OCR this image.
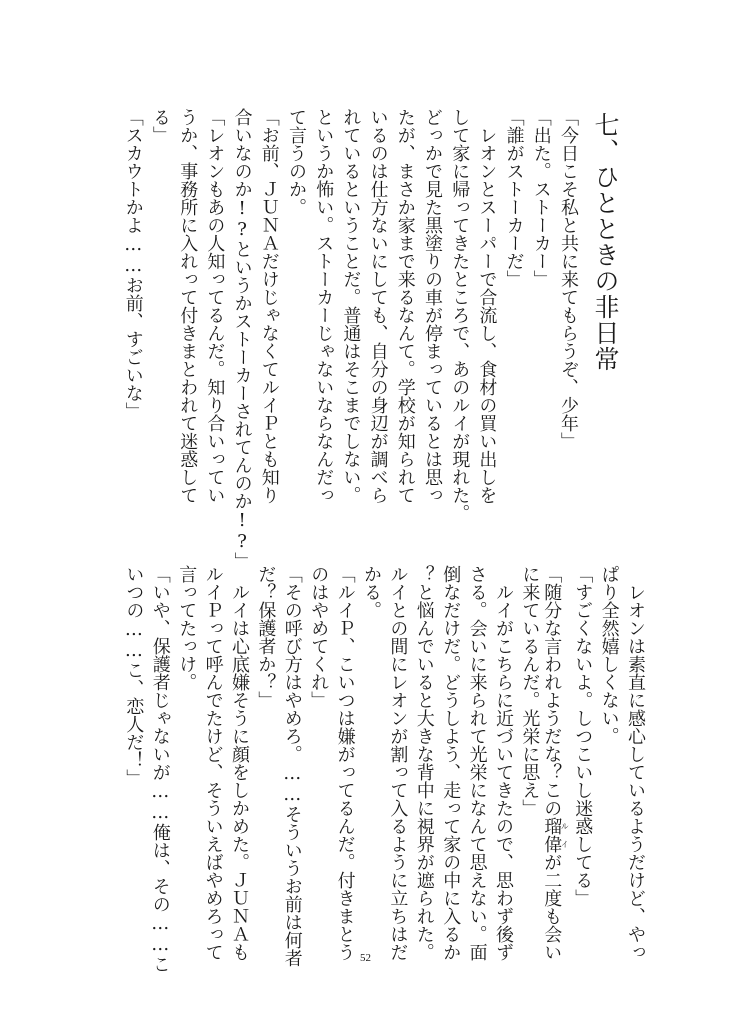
七、ひとときの非日常
「今日こそ私と共に来てもらうぞ、少年」
「出た。ストーカー」
「誰がストーカーだ」
　レオンとスーパーで合流し、食材の買い出しを
して家に帰ってきたところで、あのルイが現れた。
どっかで見た黒塗りの車が停まっているとは思っ
たが、まさか家まで来るなんて。学校が知られて
いるのは仕方ないにしても、自分の身辺が調べら
れているということだ。普通はそこまでしない。
というか怖い。ストーカーじゃないならなんだっ
て言うのか。
「お前、ＪＵＮＡだけじゃなくてルイＰとも知り
合いなのか!?というかストーカーされてんのか!?」
「レオンもあの人知ってるんだ。知り合いってい
うか、事務所に入れって付きまとわれて迷惑して
る」
「スカウトかよ……お前、すごいな」
　レオンは素直に感心しているようだけど、やっ
ぱり全然嬉しくない。
「すごくないよ。しつこいし迷惑してる」
「随分な言われようだな？この瑠偉ルイが二度も会い
に来ているんだ。光栄に思え」
　ルイがこちらに近づいてきたので、思わず後ず
さる。会いに来られて光栄になんて思えない。面
倒なだけだ。どうしよう、走って家の中に入るか
？と悩んでいると大きな背中に視界が遮られた。
ルイとの間にレオンが割って入るように立ちはだ
かる。
「ルイＰ、こいつは嫌がってるんだ。付きまとう
のはやめてくれ」
「その呼び方はやめろ。……そういうお前は何者
だ？保護者か？」
　ルイは心底嫌そうに顔をしかめた。ＪＵＮＡも
ルイＰって呼んでたけど、そういえばやめろって
言ってたっけ。
「いや、保護者じゃないが……俺は、その……こ
いつの……こ、恋人だ！」
52
